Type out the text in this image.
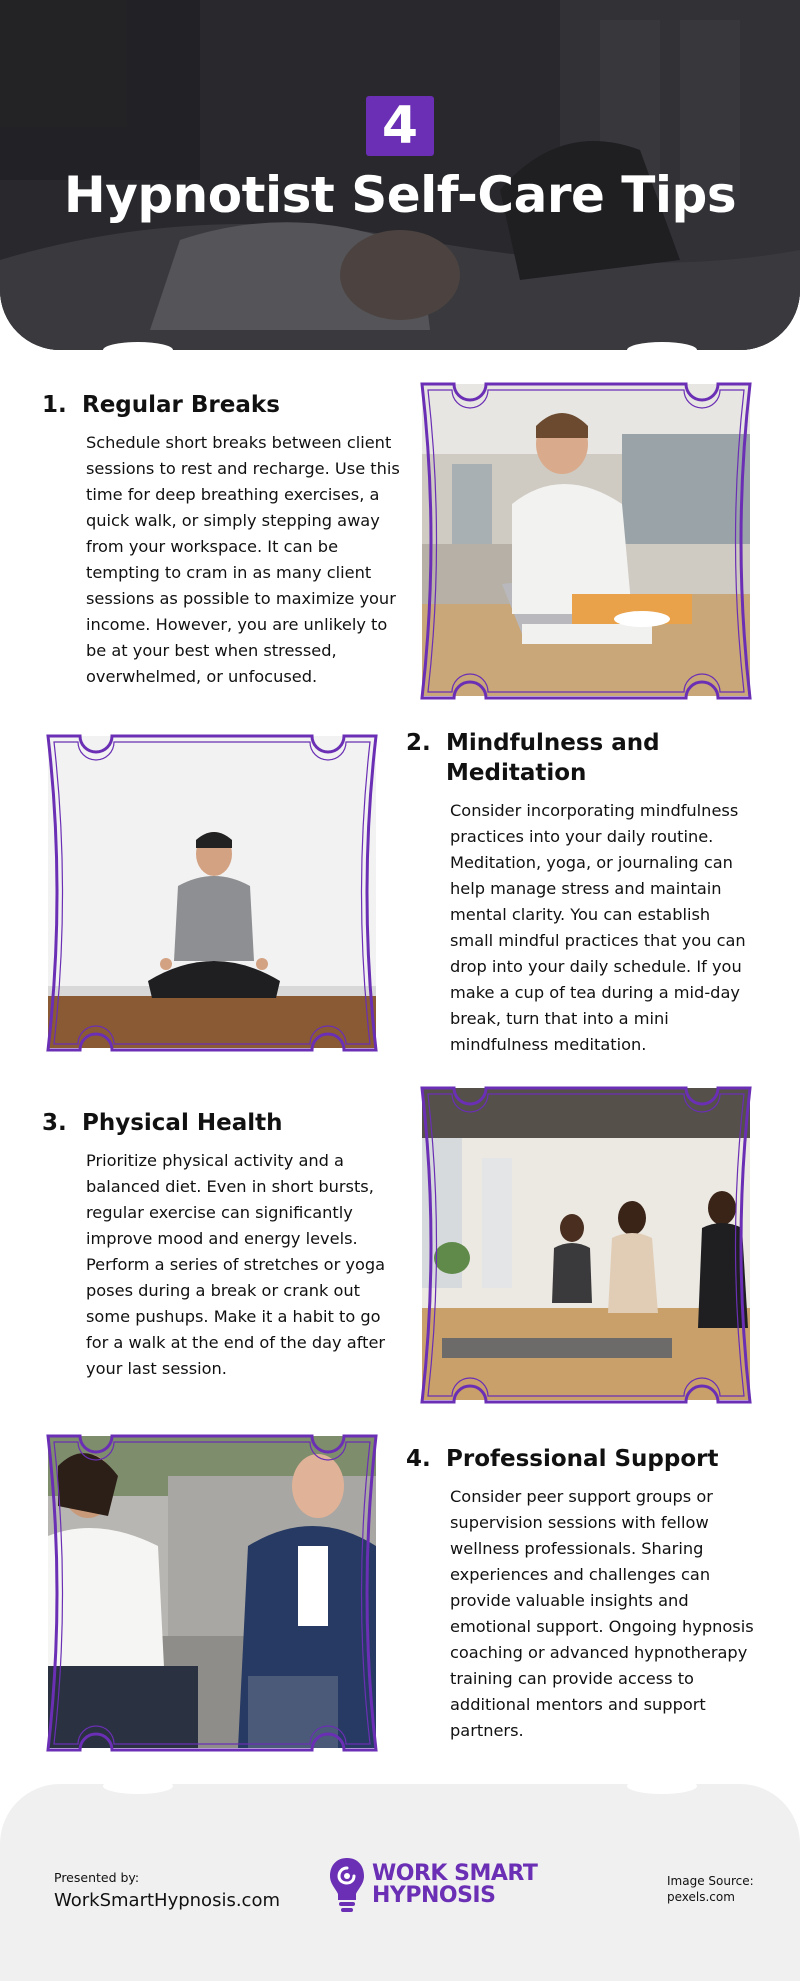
4
Hypnotist Self-Care Tips
1. Regular Breaks
Schedule short breaks between client sessions to rest and recharge. Use this time for deep breathing exercises, a quick walk, or simply stepping away from your workspace. It can be tempting to cram in as many client sessions as possible to maximize your income. However, you are unlikely to be at your best when stressed, overwhelmed, or unfocused.
2. Mindfulness and Meditation
Consider incorporating mindfulness practices into your daily routine. Meditation, yoga, or journaling can help manage stress and maintain mental clarity. You can establish small mindful practices that you can drop into your daily schedule. If you make a cup of tea during a mid-day break, turn that into a mini mindfulness meditation.
3. Physical Health
Prioritize physical activity and a balanced diet. Even in short bursts, regular exercise can significantly improve mood and energy levels. Perform a series of stretches or yoga poses during a break or crank out some pushups. Make it a habit to go for a walk at the end of the day after your last session.
4. Professional Support
Consider peer support groups or supervision sessions with fellow wellness professionals. Sharing experiences and challenges can provide valuable insights and emotional support. Ongoing hypnosis coaching or advanced hypnotherapy training can provide access to additional mentors and support partners.
Presented by:
WorkSmartHypnosis.com
WORK SMART
HYPNOSIS
Image Source:
pexels.com
